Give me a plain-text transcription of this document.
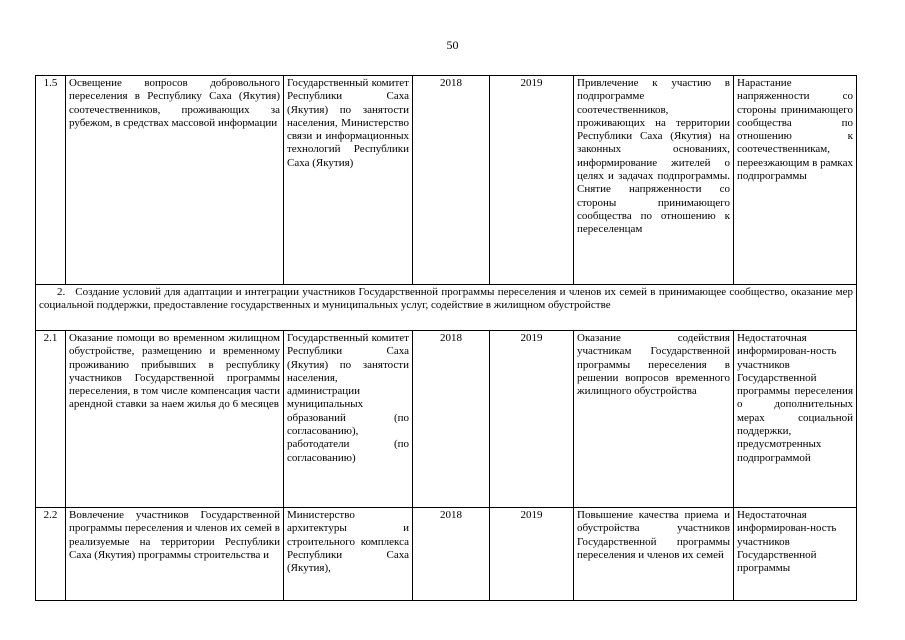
50
1.5	Освещение вопросов добровольного переселения в Республику Саха (Якутия) соотечественников, проживающих за рубежом, в средствах массовой информации	Государственный комитет Республики Саха (Якутия) по занятости населения, Министерство связи и информационных технологий Республики Саха (Якутия)	2018	2019	Привлечение к участию в подпрограмме соотечественников, проживающих на территории Республики Саха (Якутия) на законных основаниях, информирование жителей о целях и задачах подпрограммы. Снятие напряженности со стороны принимающего сообщества по отношению к переселенцам	Нарастание напряженности со стороны принимающего сообщества по отношению к соотечественникам, переезжающим в рамках подпрограммы

2. Создание условий для адаптации и интеграции участников Государственной программы переселения и членов их семей в принимающее сообщество, оказание мер социальной поддержки, предоставление государственных и муниципальных услуг, содействие в жилищном обустройстве						

2.1	Оказание помощи во временном жилищном обустройстве, размещению и временному проживанию прибывших в республику участников Государственной программы переселения, в том числе компенсация части арендной ставки за наем жилья до 6 месяцев	Государственный комитет Республики Саха (Якутия) по занятости населения, администрации муниципальных образований (по согласованию), работодатели (по согласованию)	2018	2019	Оказание содействия участникам Государственной программы переселения в решении вопросов временного жилищного обустройства	Недостаточная информирован-ность участников Государственной программы переселения о дополнительных мерах социальной поддержки, предусмотренных подпрограммой
2.2	Вовлечение участников Государственной программы переселения и членов их семей в реализуемые на территории Республики Саха (Якутия) программы строительства и	Министерство архитектуры и строительного комплекса Республики Саха (Якутия),	2018	2019	Повышение качества приема и обустройства участников Государственной программы переселения и членов их семей	Недостаточная информирован-ность участников Государственной программы
